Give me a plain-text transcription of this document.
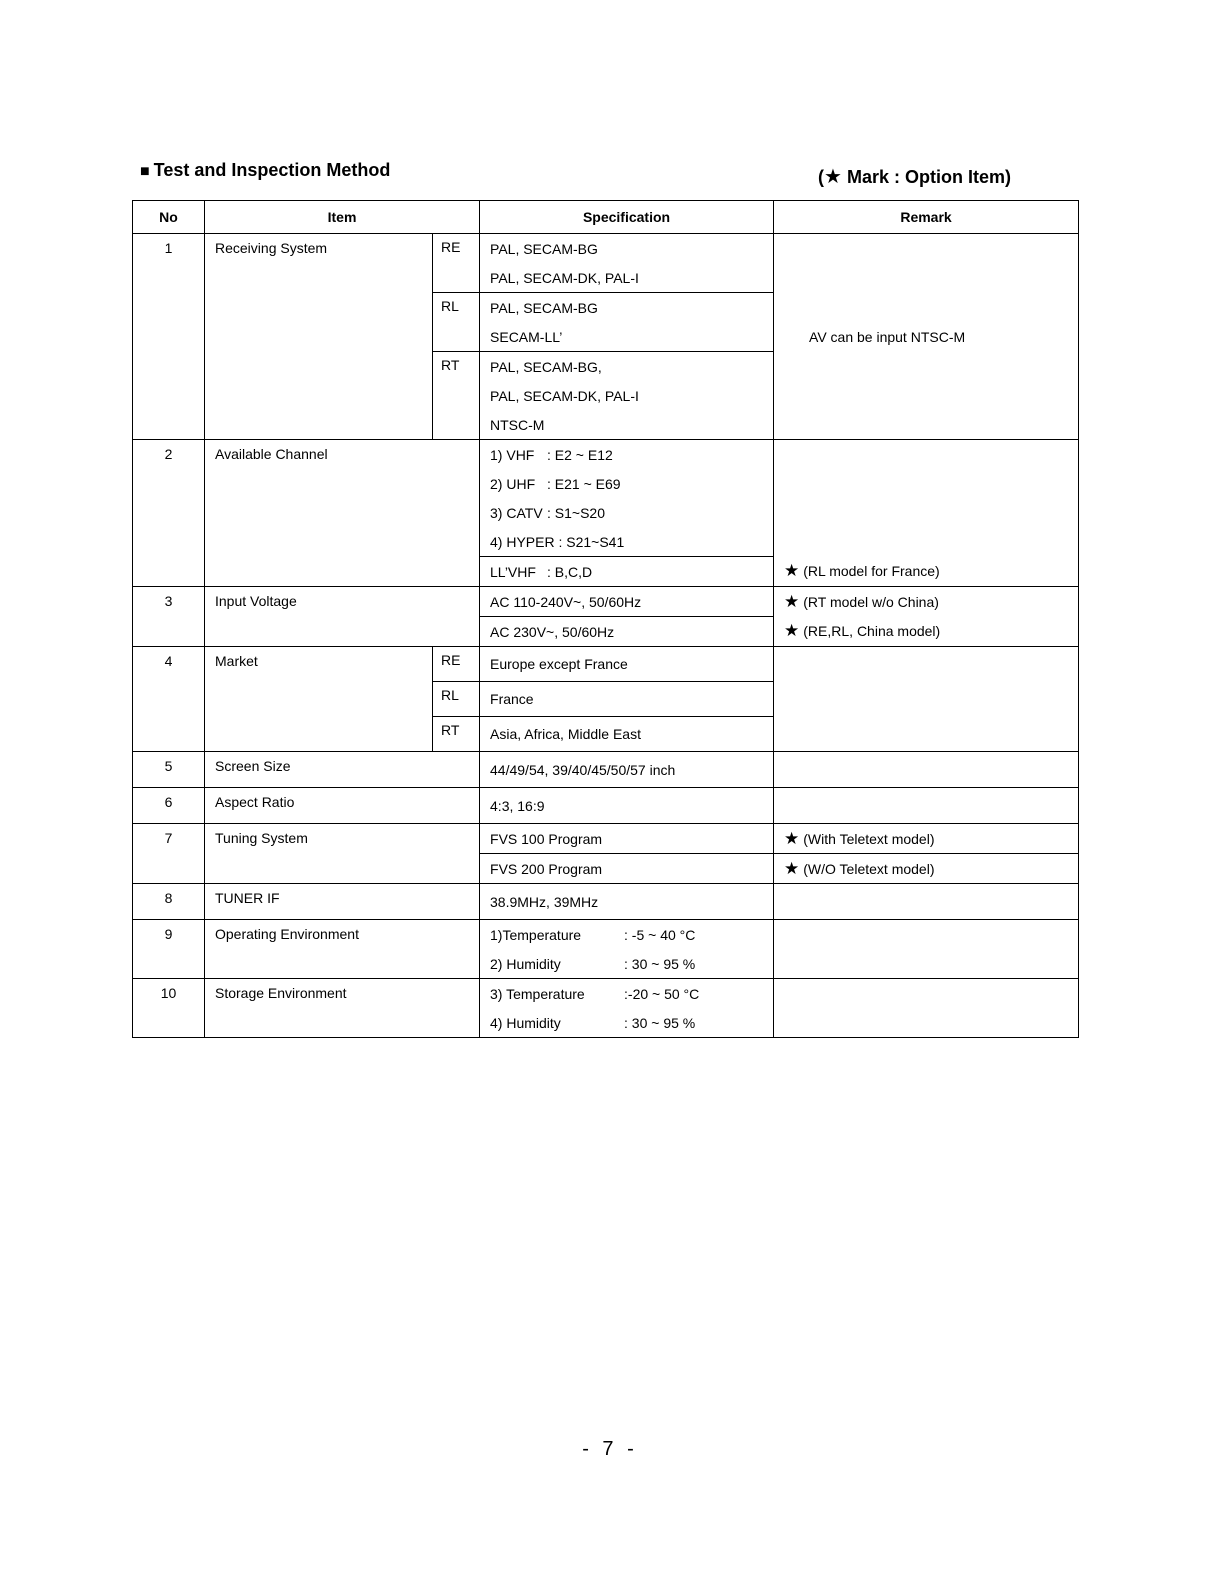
■ Test and Inspection Method	(★ Mark : Option Item)
No	Item		Specification	Remark
1	Receiving System	RE	PAL, SECAM-BG	AV can be input NTSC-M
			PAL, SECAM-DK, PAL-I	
		RL	PAL, SECAM-BG	
			SECAM-LL’	
		RT	PAL, SECAM-BG,	
			PAL, SECAM-DK, PAL-I	
			NTSC-M	
2	Available Channel		1) VHF : E2 ~ E12	
			2) UHF : E21 ~ E69	
			3) CATV : S1~S20	
			4) HYPER : S21~S41	
			LL’VHF : B,C,D	★ (RL model for France)
3	Input Voltage		AC 110-240V~, 50/60Hz	★ (RT model w/o China)
			AC 230V~, 50/60Hz	★ (RE,RL, China model)
4	Market	RE	Europe except France	
		RL	France	
		RT	Asia, Africa, Middle East	
5	Screen Size		44/49/54, 39/40/45/50/57 inch	
6	Aspect Ratio		4:3, 16:9	
7	Tuning System		FVS 100 Program	★ (With Teletext model)
			FVS 200 Program	★ (W/O Teletext model)
8	TUNER IF		38.9MHz, 39MHz	
9	Operating Environment		1)Temperature : -5 ~ 40 °C	
			2) Humidity : 30 ~ 95 %	
10	Storage Environment		3) Temperature :-20 ~ 50 °C	
			4) Humidity : 30 ~ 95 %	
- 7 -
